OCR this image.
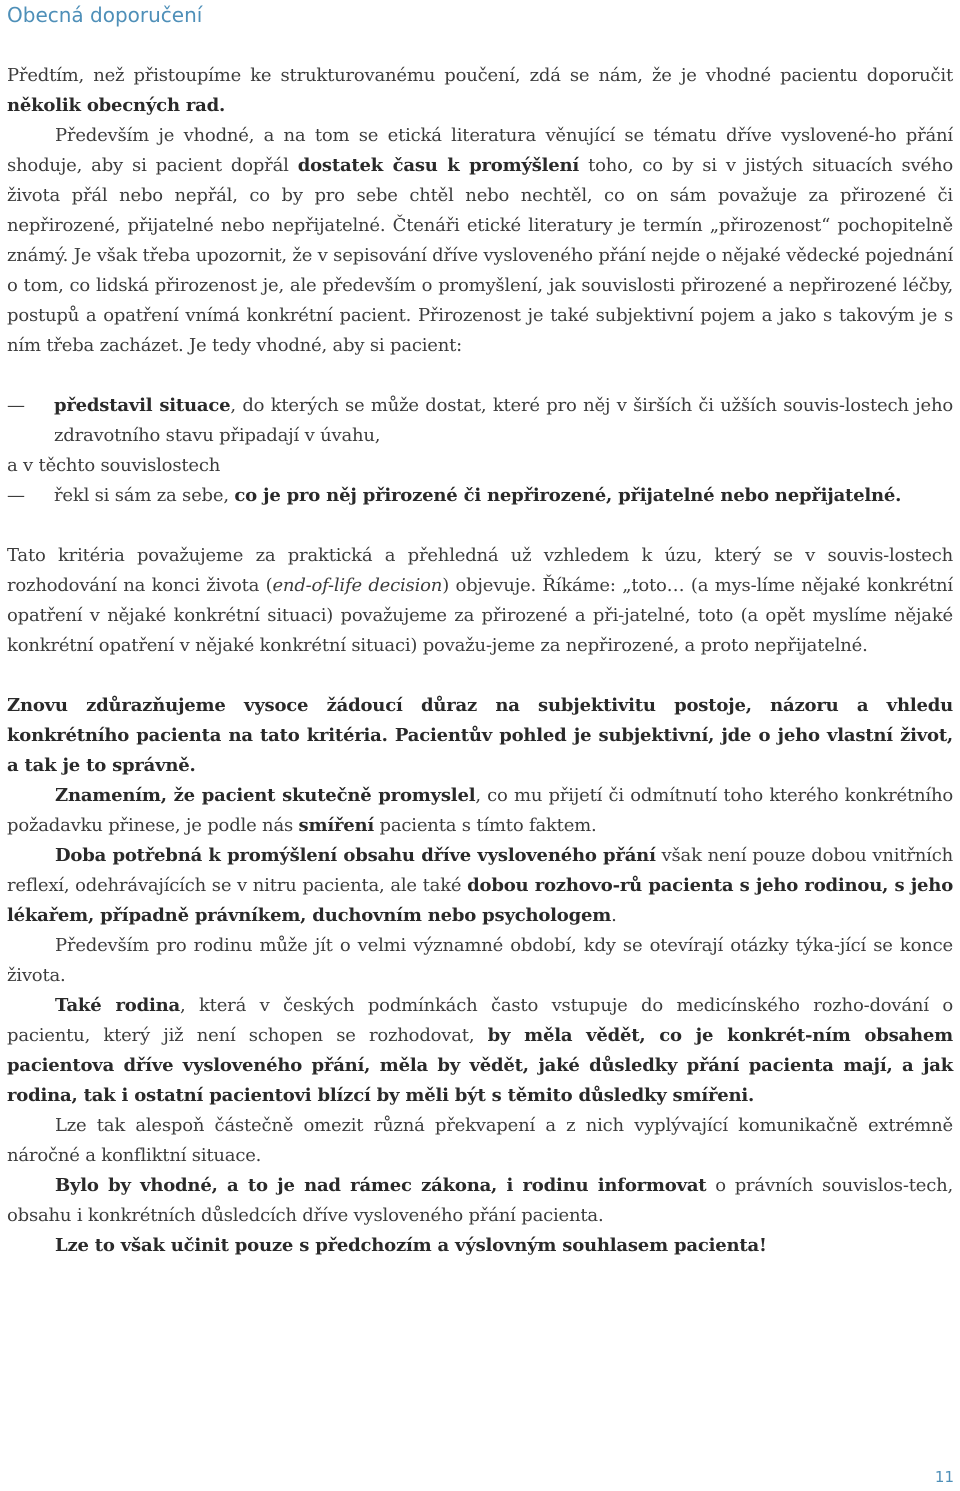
Obecná doporučení

Předtím, než přistoupíme ke strukturovanému poučení, zdá se nám, že je vhodné pacientu doporučit několik obecných rad.

Především je vhodné, a na tom se etická literatura věnující se tématu dříve vyslovené-ho přání shoduje, aby si pacient dopřál dostatek času k promýšlení toho, co by si v jistých situacích svého života přál nebo nepřál, co by pro sebe chtěl nebo nechtěl, co on sám považuje za přirozené či nepřirozené, přijatelné nebo nepřijatelné. Čtenáři etické literatury je termín „přirozenost“ pochopitelně známý. Je však třeba upozornit, že v sepisování dříve vysloveného přání nejde o nějaké vědecké pojednání o tom, co lidská přirozenost je, ale především o promyšlení, jak souvislosti přirozené a nepřirozené léčby, postupů a opatření vnímá konkrétní pacient. Přirozenost je také subjektivní pojem a jako s takovým je s ním třeba zacházet. Je tedy vhodné, aby si pacient:

— představil situace, do kterých se může dostat, které pro něj v širších či užších souvis-lostech jeho zdravotního stavu připadají v úvahu,

a v těchto souvislostech

— řekl si sám za sebe, co je pro něj přirozené či nepřirozené, přijatelné nebo nepřijatelné.

Tato kritéria považujeme za praktická a přehledná už vzhledem k úzu, který se v souvis-lostech rozhodování na konci života (end-of-life decision) objevuje. Říkáme: „toto… (a mys-líme nějaké konkrétní opatření v nějaké konkrétní situaci) považujeme za přirozené a při-jatelné, toto (a opět myslíme nějaké konkrétní opatření v nějaké konkrétní situaci) považu-jeme za nepřirozené, a proto nepřijatelné.

Znovu zdůrazňujeme vysoce žádoucí důraz na subjektivitu postoje, názoru a vhledu konkrétního pacienta na tato kritéria. Pacientův pohled je subjektivní, jde o jeho vlastní život, a tak je to správně.

Znamením, že pacient skutečně promyslel, co mu přijetí či odmítnutí toho kterého konkrétního požadavku přinese, je podle nás smíření pacienta s tímto faktem.

Doba potřebná k promýšlení obsahu dříve vysloveného přání však není pouze dobou vnitřních reflexí, odehrávajících se v nitru pacienta, ale také dobou rozhovo-rů pacienta s jeho rodinou, s jeho lékařem, případně právníkem, duchovním nebo psychologem.

Především pro rodinu může jít o velmi významné období, kdy se otevírají otázky týka-jící se konce života.

Také rodina, která v českých podmínkách často vstupuje do medicínského rozho-dování o pacientu, který již není schopen se rozhodovat, by měla vědět, co je konkrét-ním obsahem pacientova dříve vysloveného přání, měla by vědět, jaké důsledky přání pacienta mají, a jak rodina, tak i ostatní pacientovi blízcí by měli být s těmito důsledky smířeni.

Lze tak alespoň částečně omezit různá překvapení a z nich vyplývající komunikačně extrémně náročné a konfliktní situace.

Bylo by vhodné, a to je nad rámec zákona, i rodinu informovat o právních souvislos-tech, obsahu i konkrétních důsledcích dříve vysloveného přání pacienta.

Lze to však učinit pouze s předchozím a výslovným souhlasem pacienta!

11
